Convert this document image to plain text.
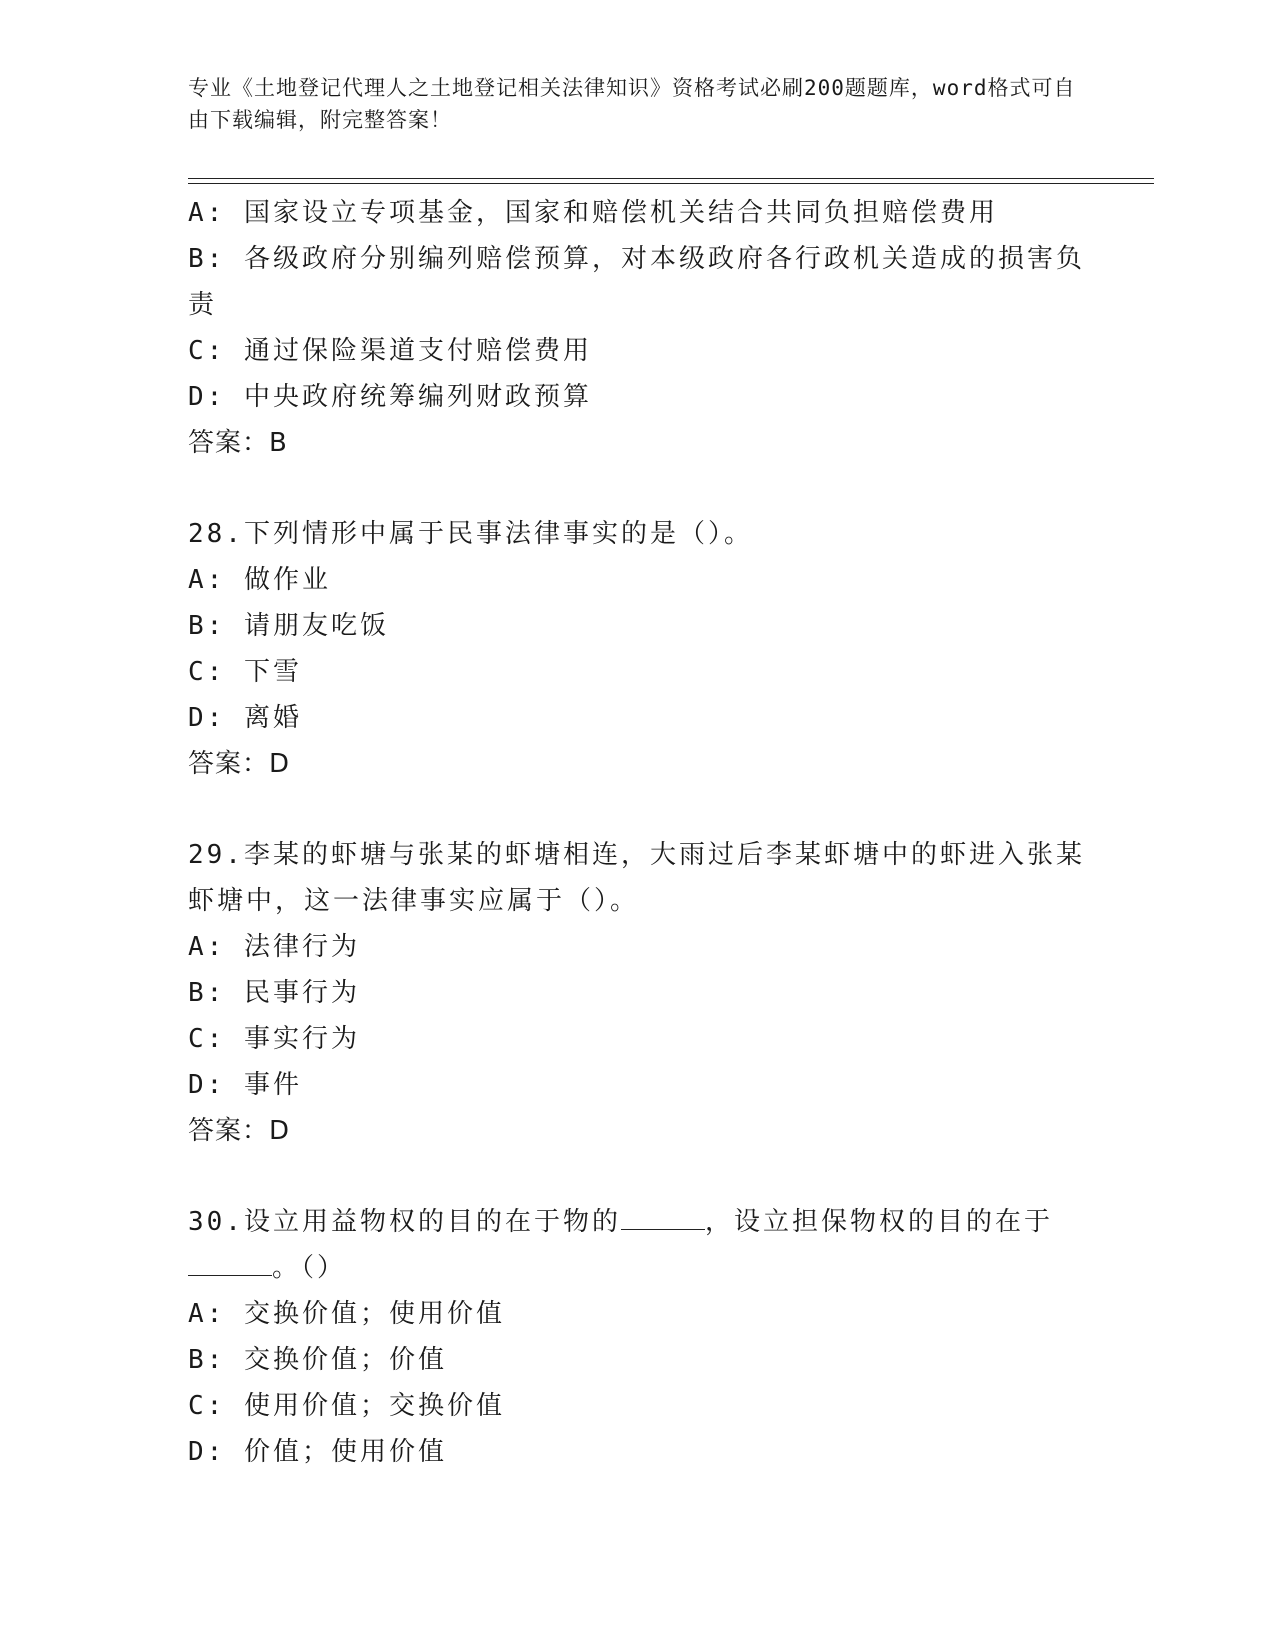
专业《土地登记代理人之土地登记相关法律知识》资格考试必刷200题题库，word格式可自由下载编辑，附完整答案！
A: 国家设立专项基金，国家和赔偿机关结合共同负担赔偿费用
B: 各级政府分别编列赔偿预算，对本级政府各行政机关造成的损害负责
C: 通过保险渠道支付赔偿费用
D: 中央政府统筹编列财政预算
答案：B
28.下列情形中属于民事法律事实的是（）。
A: 做作业
B: 请朋友吃饭
C: 下雪
D: 离婚
答案：D
29.李某的虾塘与张某的虾塘相连，大雨过后李某虾塘中的虾进入张某虾塘中，这一法律事实应属于（）。
A: 法律行为
B: 民事行为
C: 事实行为
D: 事件
答案：D
30.设立用益物权的目的在于物的	，设立担保物权的目的在于。（）
A: 交换价值；使用价值
B: 交换价值；价值
C: 使用价值；交换价值
D: 价值；使用价值
